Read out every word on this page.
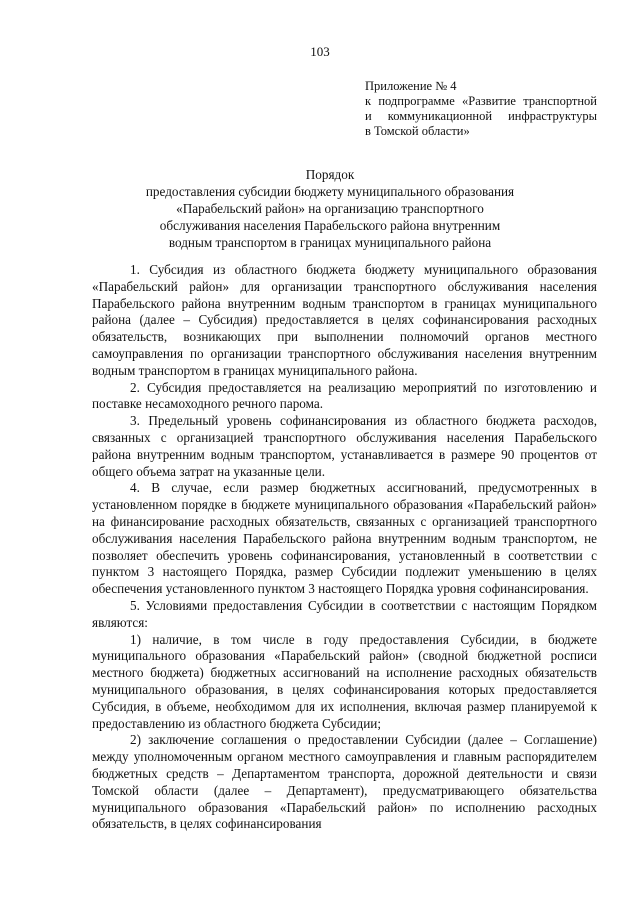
103
Приложение № 4
к подпрограмме «Развитие транспортной
и коммуникационной инфраструктуры
в Томской области»
Порядок
предоставления субсидии бюджету муниципального образования
«Парабельский район» на организацию транспортного
обслуживания населения Парабельского района внутренним
водным транспортом в границах муниципального района

1. Субсидия из областного бюджета бюджету муниципального образования «Парабельский район» для организации транспортного обслуживания населения Парабельского района внутренним водным транспортом в границах муниципального района (далее – Субсидия) предоставляется в целях софинансирования расходных обязательств, возникающих при выполнении полномочий органов местного самоуправления по организации транспортного обслуживания населения внутренним водным транспортом в границах муниципального района.

2. Субсидия предоставляется на реализацию мероприятий по изготовлению и поставке несамоходного речного парома.

3. Предельный уровень софинансирования из областного бюджета расходов, связанных с организацией транспортного обслуживания населения Парабельского района внутренним водным транспортом, устанавливается в размере 90 процентов от общего объема затрат на указанные цели.

4. В случае, если размер бюджетных ассигнований, предусмотренных в установленном порядке в бюджете муниципального образования «Парабельский район» на финансирование расходных обязательств, связанных с организацией транспортного обслуживания населения Парабельского района внутренним водным транспортом, не позволяет обеспечить уровень софинансирования, установленный в соответствии с пунктом 3 настоящего Порядка, размер Субсидии подлежит уменьшению в целях обеспечения установленного пунктом 3 настоящего Порядка уровня софинансирования.

5. Условиями предоставления Субсидии в соответствии с настоящим Порядком являются:

1) наличие, в том числе в году предоставления Субсидии, в бюджете муниципального образования «Парабельский район» (сводной бюджетной росписи местного бюджета) бюджетных ассигнований на исполнение расходных обязательств муниципального образования, в целях софинансирования которых предоставляется Субсидия, в объеме, необходимом для их исполнения, включая размер планируемой к предоставлению из областного бюджета Субсидии;

2) заключение соглашения о предоставлении Субсидии (далее – Соглашение) между уполномоченным органом местного самоуправления и главным распорядителем бюджетных средств – Департаментом транспорта, дорожной деятельности и связи Томской области (далее – Департамент), предусматривающего обязательства муниципального образования «Парабельский район» по исполнению расходных обязательств, в целях софинансирования
